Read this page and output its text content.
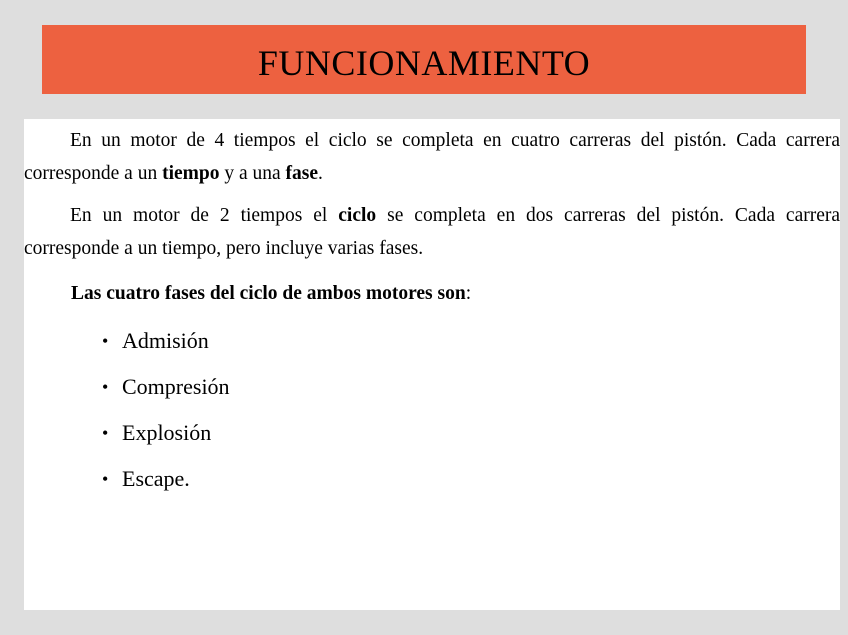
FUNCIONAMIENTO
En un motor de 4 tiempos el ciclo se completa en cuatro carreras del pistón. Cada carrera corresponde a un tiempo y a una fase.
En un motor de 2 tiempos el ciclo se completa en dos carreras del pistón. Cada carrera corresponde a un tiempo, pero incluye varias fases.
Las cuatro fases del ciclo de ambos motores son:
• Admisión
• Compresión
• Explosión
• Escape.
